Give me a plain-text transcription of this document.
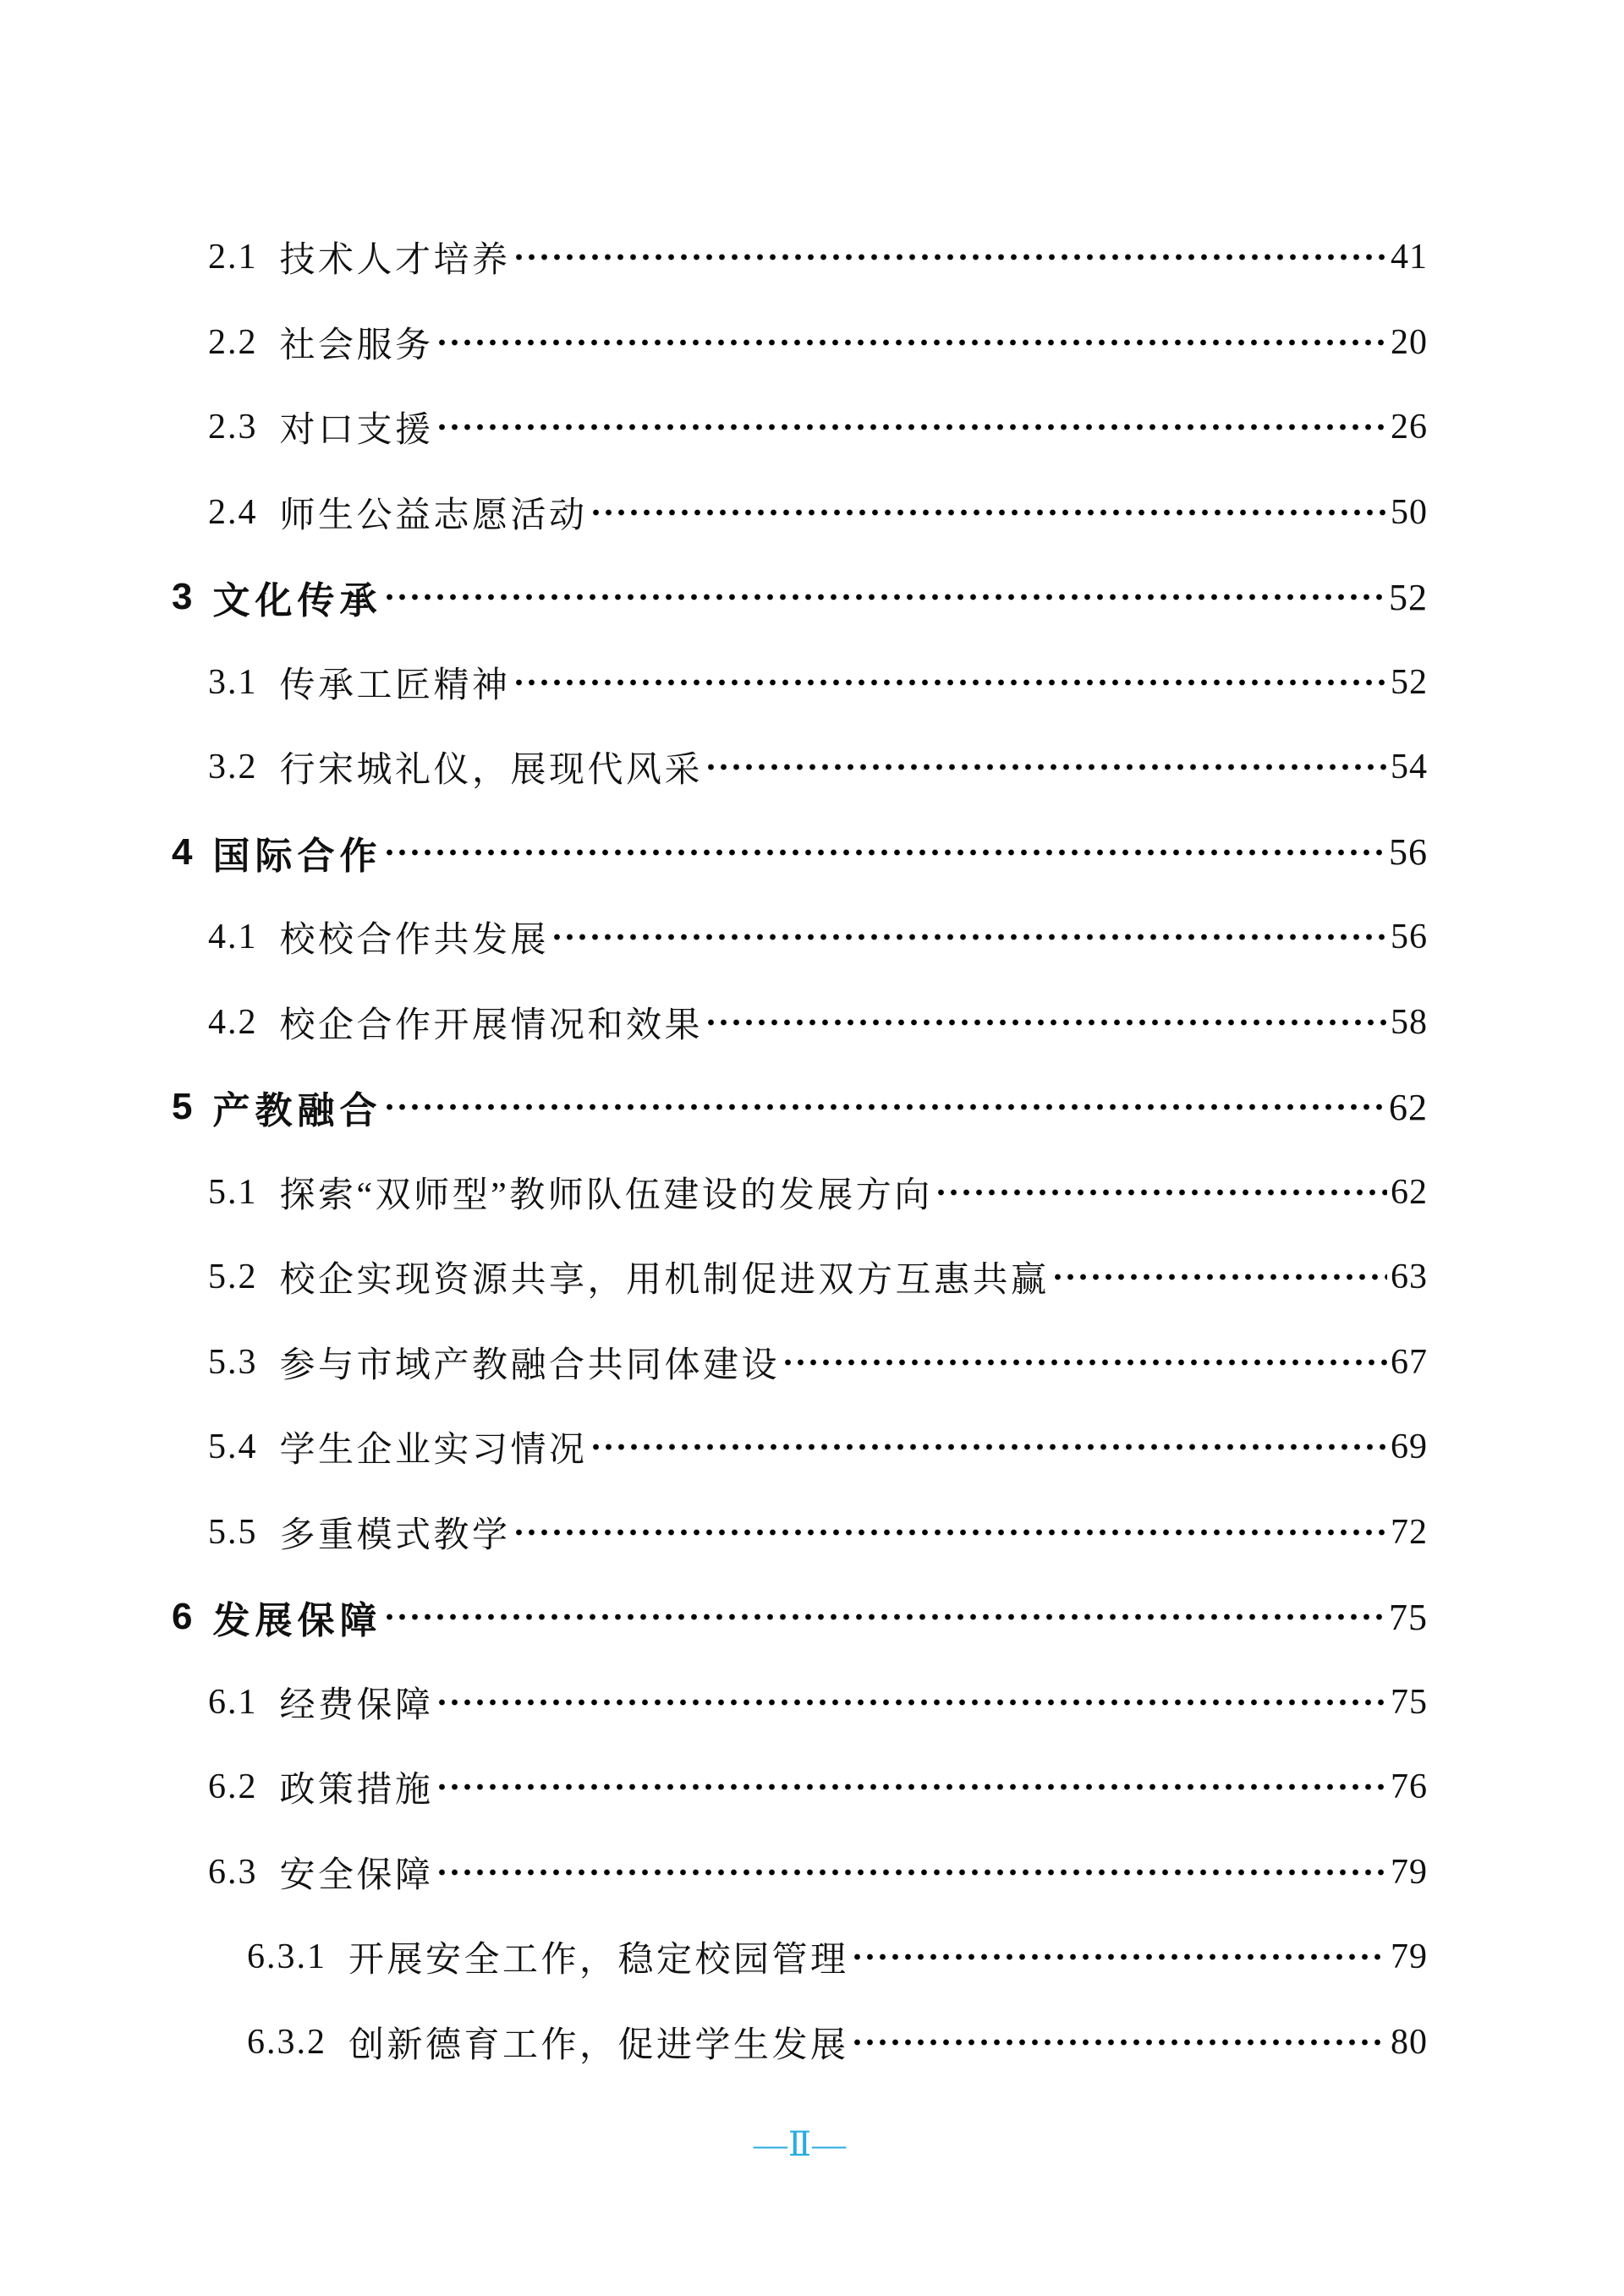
2.1 技术人才培养	41
2.2 社会服务	20
2.3 对口支援	26
2.4 师生公益志愿活动	50
3 文化传承	52
3.1 传承工匠精神	52
3.2 行宋城礼仪，展现代风采	54
4 国际合作	56
4.1 校校合作共发展	56
4.2 校企合作开展情况和效果	58
5 产教融合	62
5.1 探索“双师型”教师队伍建设的发展方向	62
5.2 校企实现资源共享，用机制促进双方互惠共赢	63
5.3 参与市域产教融合共同体建设	67
5.4 学生企业实习情况	69
5.5 多重模式教学	72
6 发展保障	75
6.1 经费保障	75
6.2 政策措施	76
6.3 安全保障	79
6.3.1 开展安全工作，稳定校园管理	79
6.3.2 创新德育工作，促进学生发展	80
—Ⅱ—
